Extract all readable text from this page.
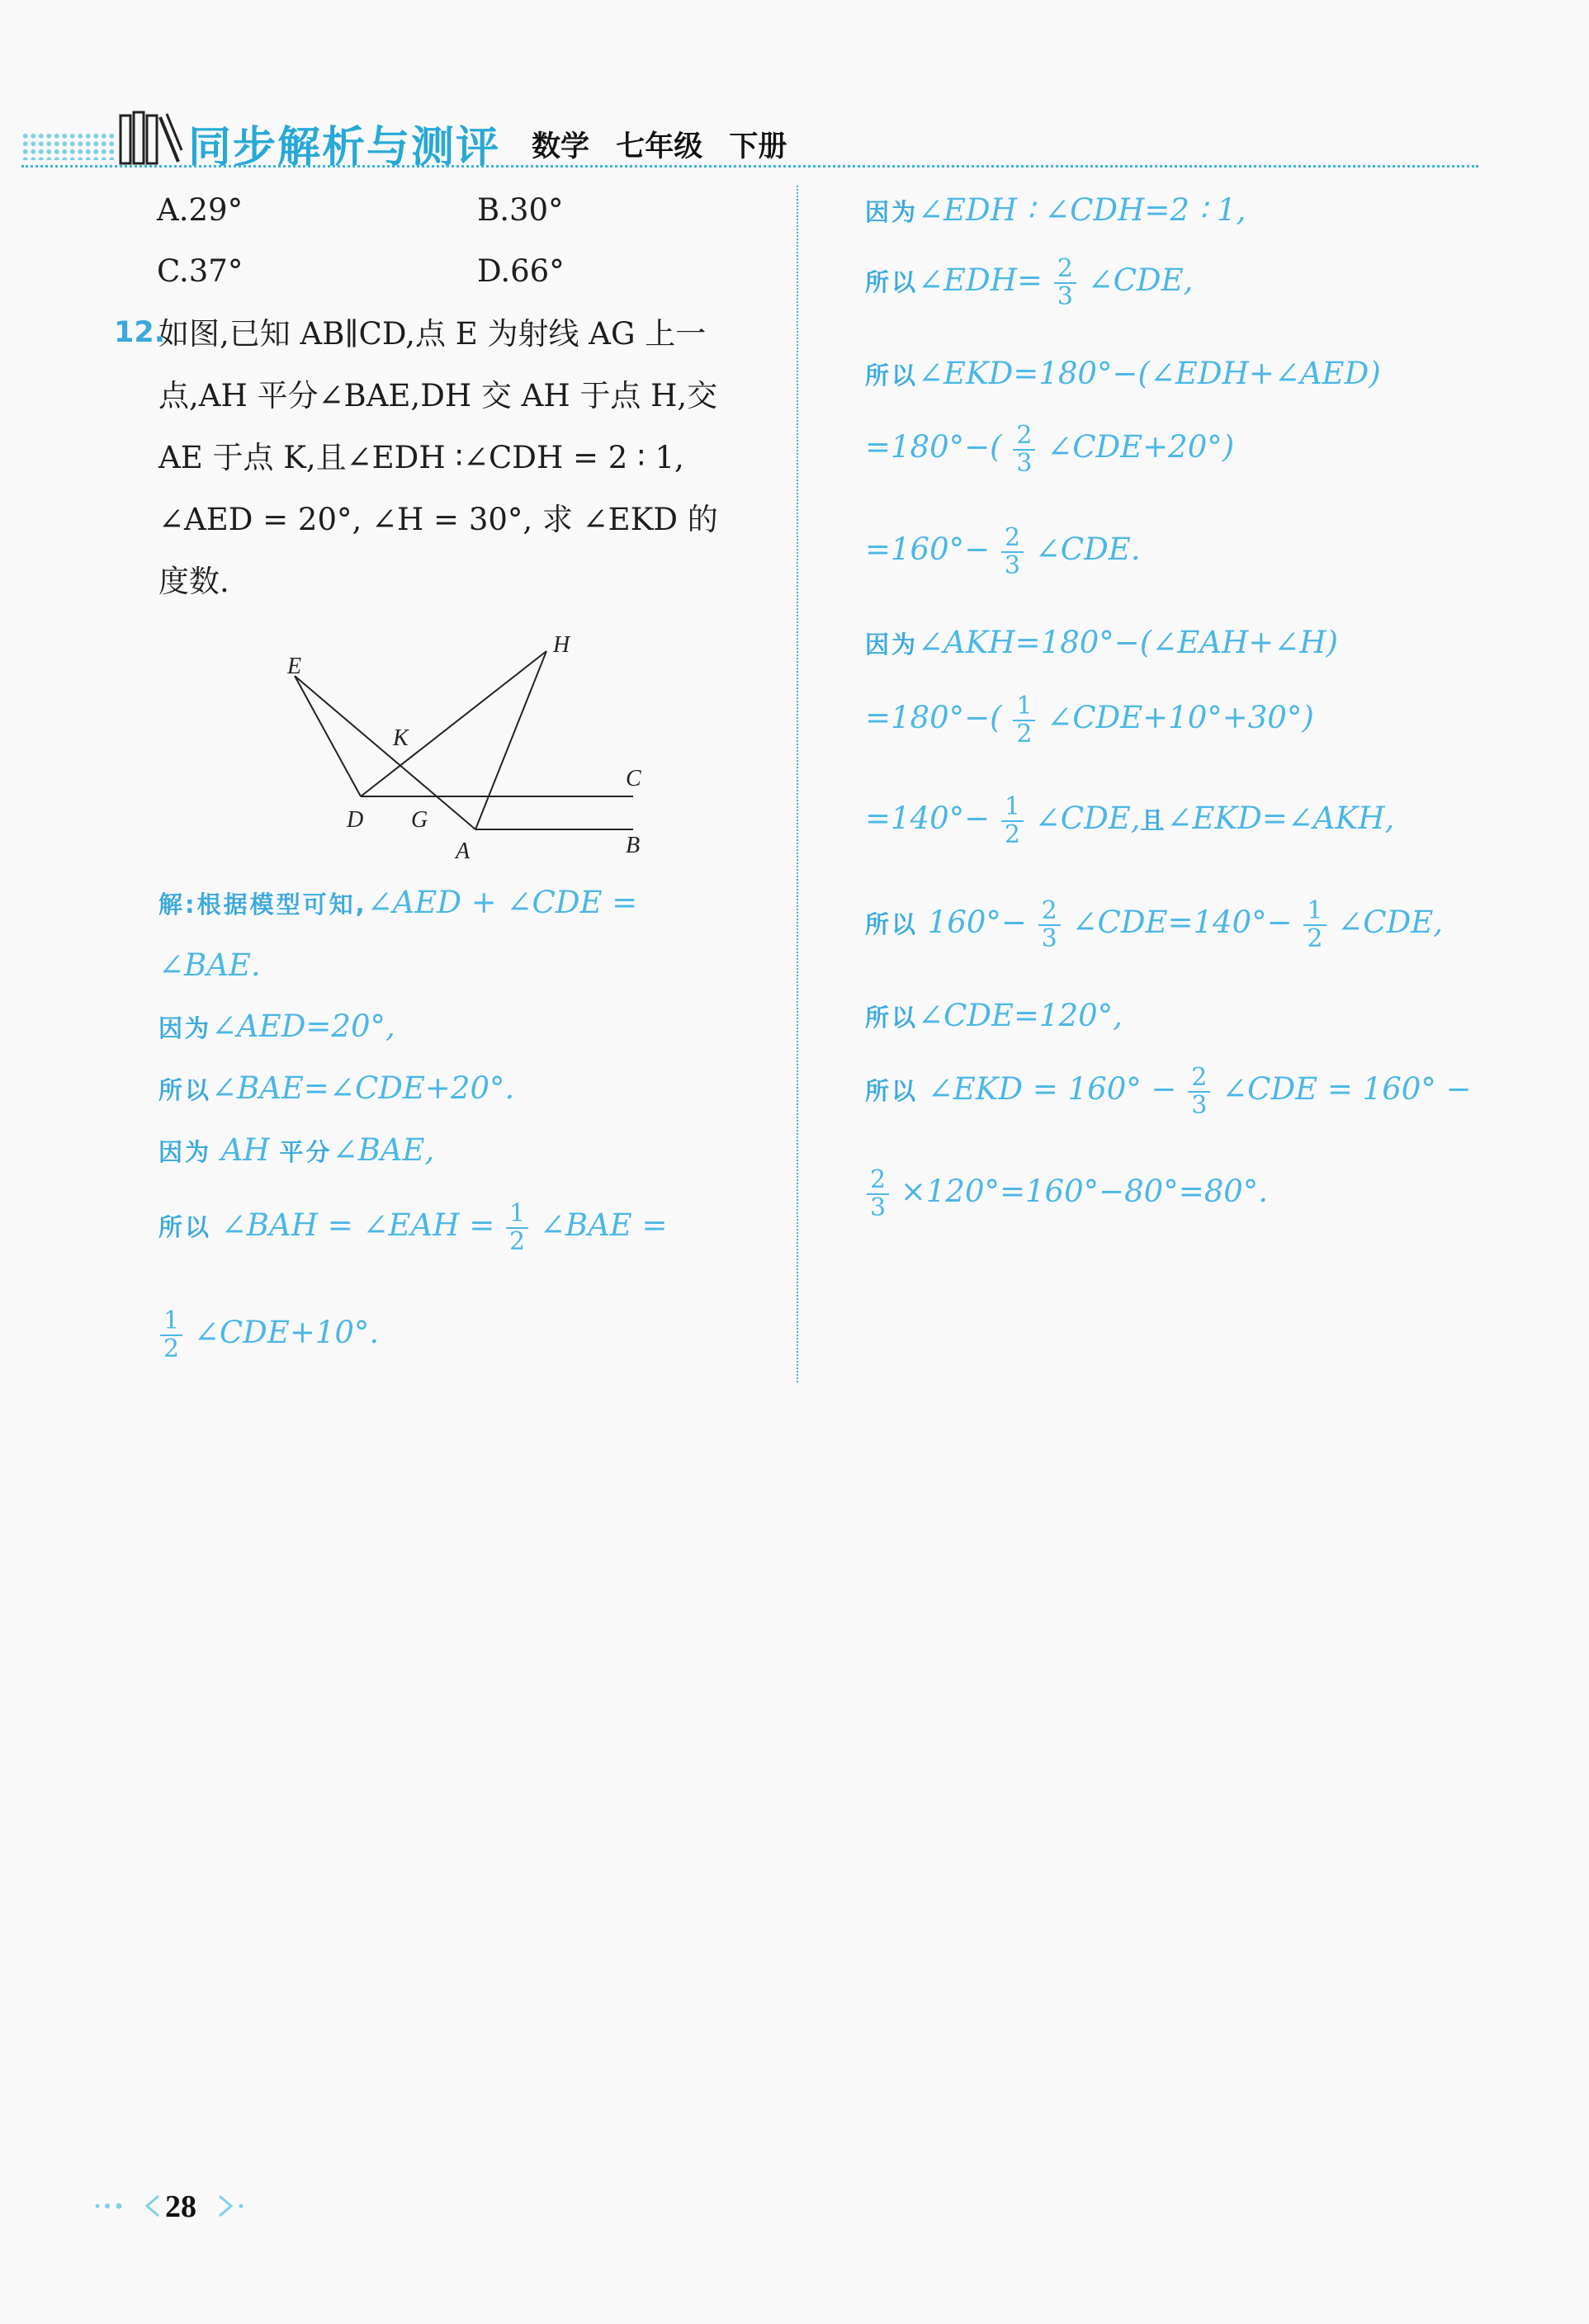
同步解析与测评 数学 七年级 下册
A.29°	B.30°
C.37°	D.66°
12.
如图,已知 AB∥CD,点 E 为射线 AG 上一
点,AH 平分∠BAE,DH 交 AH 于点 H,交
AE 于点 K,且∠EDH ∶∠CDH = 2 ∶ 1,
∠AED = 20°, ∠H = 30°, 求 ∠EKD 的
度数.
E
H
K
C
D G
A	B
解:根据模型可知,∠AED + ∠CDE =
∠BAE.
因为∠AED=20°,
所以∠BAE=∠CDE+20°.
因为 AH 平分∠BAE,
所以 ∠BAH = ∠EAH = $\frac{1}{2}$ ∠BAE =
$\frac{1}{2}$ ∠CDE+10°.
因为∠EDH ∶ ∠CDH=2 ∶ 1,
所以∠EDH= $\frac{2}{3}$ ∠CDE,
所以∠EKD=180°−(∠EDH+∠AED)
$=180^\circ-( \frac{2}{3}$ ∠CDE+20°)
$=160^\circ- \frac{2}{3}$ ∠CDE.
因为∠AKH=180°−(∠EAH+∠H)
$=180^\circ-( \frac{1}{2}$ ∠CDE+10°+30°)
$=140^\circ- \frac{1}{2}$ ∠CDE,且∠EKD=∠AKH,
所以 $160^\circ- \frac{2}{3}$ ∠CDE=140°− $\frac{1}{2}$ ∠CDE,
所以∠CDE=120°,
所以 ∠EKD = $160^\circ - \frac{2}{3}$ ∠CDE = 160° −
$\frac{2}{3} \times 120^\circ=160^\circ-80^\circ=80^\circ$.
28
